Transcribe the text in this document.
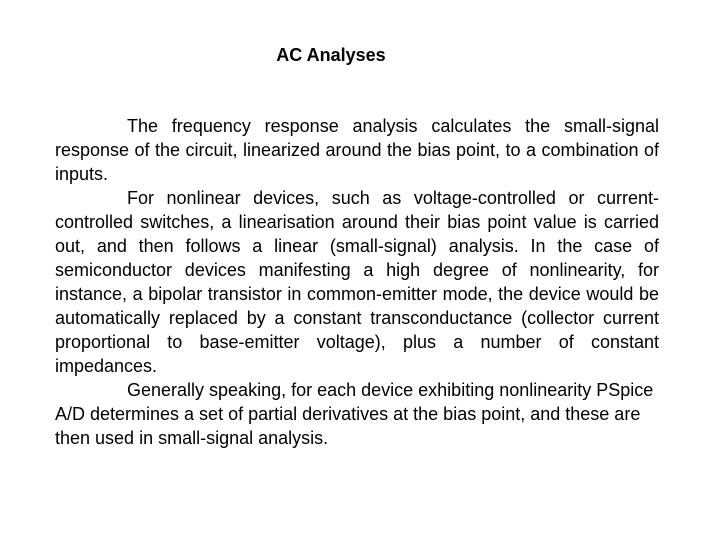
AC Analyses

The frequency response analysis calculates the small-signal response of the circuit, linearized around the bias point, to a combination of inputs.

For nonlinear devices, such as voltage-controlled or current-controlled switches, a linearisation around their bias point value is carried out, and then follows a linear (small-signal) analysis. In the case of semiconductor devices manifesting a high degree of nonlinearity, for instance, a bipolar transistor in common-emitter mode, the device would be automatically replaced by a constant transconductance (collector current proportional to base-emitter voltage), plus a number of constant impedances.

Generally speaking, for each device exhibiting nonlinearity PSpice A/D determines a set of partial derivatives at the bias point, and these are then used in small-signal analysis.
